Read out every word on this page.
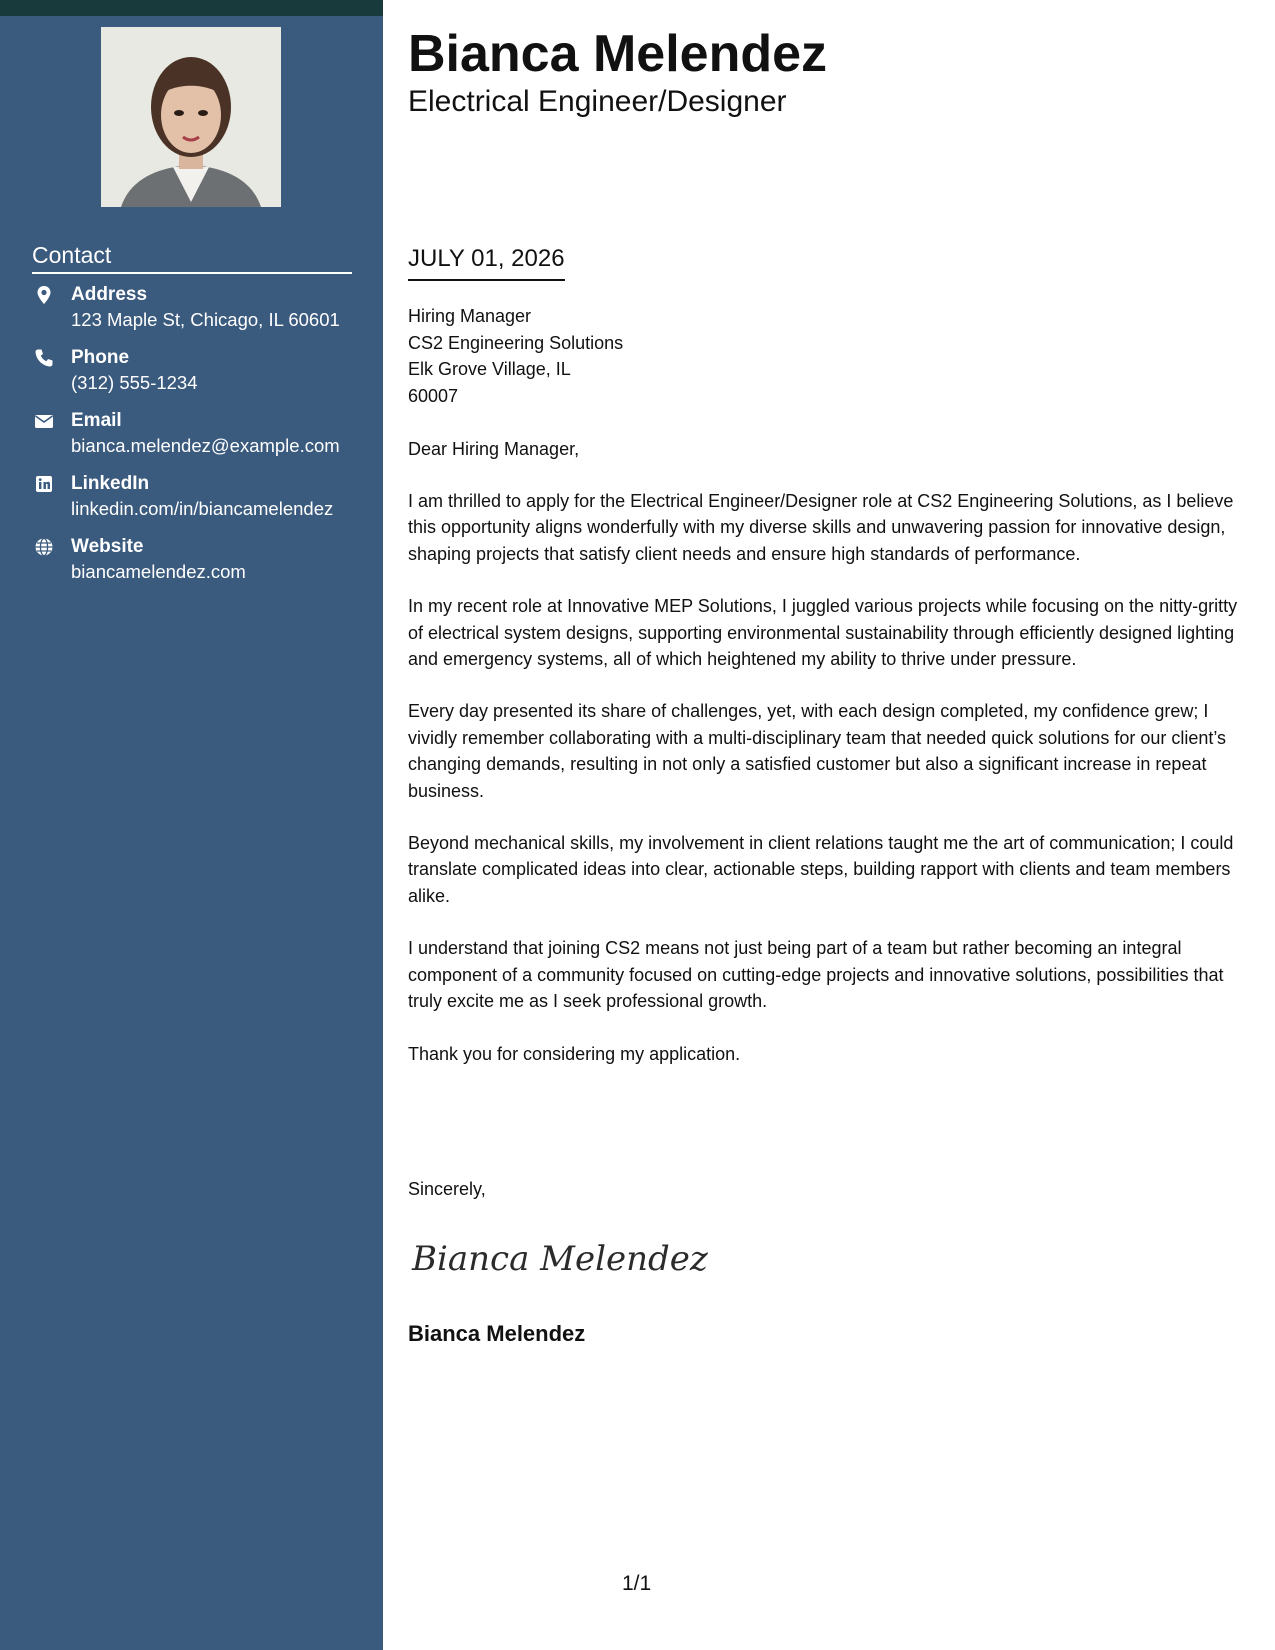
Contact
Address
123 Maple St, Chicago, IL 60601
Phone
(312) 555-1234
Email
bianca.melendez@example.com
LinkedIn
linkedin.com/in/biancamelendez
Website
biancamelendez.com
Bianca Melendez
Electrical Engineer/Designer
JULY 01, 2026
Hiring Manager
CS2 Engineering Solutions
Elk Grove Village, IL
60007
Dear Hiring Manager,

I am thrilled to apply for the Electrical Engineer/Designer role at CS2 Engineering Solutions, as I believe this opportunity aligns wonderfully with my diverse skills and unwavering passion for innovative design, shaping projects that satisfy client needs and ensure high standards of performance.

In my recent role at Innovative MEP Solutions, I juggled various projects while focusing on the nitty-gritty of electrical system designs, supporting environmental sustainability through efficiently designed lighting and emergency systems, all of which heightened my ability to thrive under pressure.

Every day presented its share of challenges, yet, with each design completed, my confidence grew; I vividly remember collaborating with a multi-disciplinary team that needed quick solutions for our client’s changing demands, resulting in not only a satisfied customer but also a significant increase in repeat business.

Beyond mechanical skills, my involvement in client relations taught me the art of communication; I could translate complicated ideas into clear, actionable steps, building rapport with clients and team members alike.

I understand that joining CS2 means not just being part of a team but rather becoming an integral component of a community focused on cutting-edge projects and innovative solutions, possibilities that truly excite me as I seek professional growth.

Thank you for considering my application.

Sincerely,
Bianca Melendez
Bianca Melendez
1/1
